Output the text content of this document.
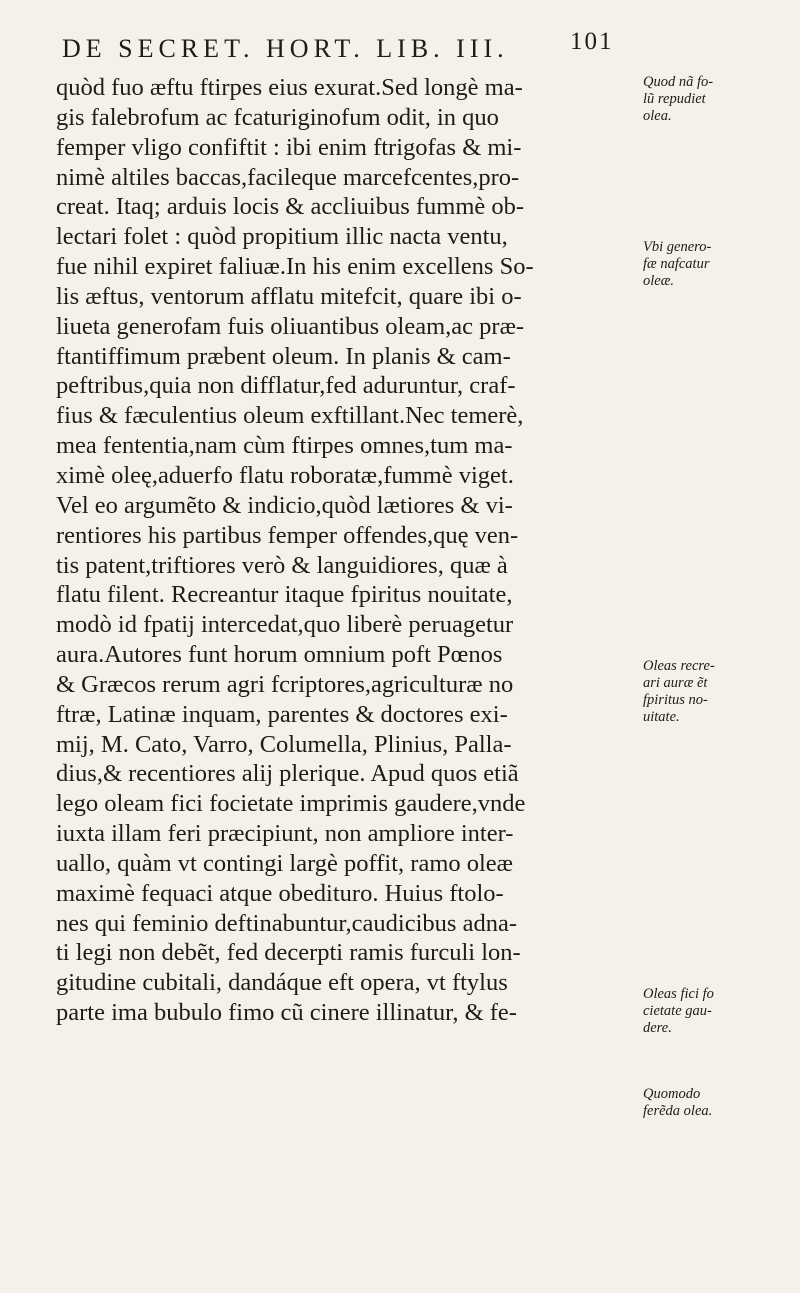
DE SECRET. HORT. LIB. III. 101
quòd fuo æftu ftirpes eius exurat.Sed longè ma-
gis falebrofum ac fcaturiginofum odit, in quo
femper vligo confiftit : ibi enim ftrigofas & mi-
nimè altiles baccas,facileque marcefcentes,pro-
creat. Itaq; arduis locis & accliuibus fummè ob-
lectari folet : quòd propitium illic nacta ventu,
fue nihil expiret faliuæ.In his enim excellens So-
lis æftus, ventorum afflatu mitefcit, quare ibi o-
liueta generofam fuis oliuantibus oleam,ac præ-
ftantiffimum præbent oleum. In planis & cam-
peftribus,quia non difflatur,fed aduruntur, craf-
fius & fæculentius oleum exftillant.Nec temerè,
mea fententia,nam cùm ftirpes omnes,tum ma-
ximè oleę,aduerfo flatu roboratæ,fummè viget.
Vel eo argumẽto & indicio,quòd lætiores & vi-
rentiores his partibus femper offendes,quę ven-
tis patent,triftiores verò & languidiores, quæ à
flatu filent. Recreantur itaque fpiritus nouitate,
modò id fpatij intercedat,quo liberè peruagetur
aura.Autores funt horum omnium poft Pœnos
& Græcos rerum agri fcriptores,agriculturæ no
ftræ, Latinæ inquam, parentes & doctores exi-
mij, M. Cato, Varro, Columella, Plinius, Palla-
dius,& recentiores alij plerique. Apud quos etiã
lego oleam fici focietate imprimis gaudere,vnde
iuxta illam feri præcipiunt, non ampliore inter-
uallo, quàm vt contingi largè poffit, ramo oleæ
maximè fequaci atque obedituro. Huius ftolo-
nes qui feminio deftinabuntur,caudicibus adna-
ti legi non debẽt, fed decerpti ramis furculi lon-
gitudine cubitali, dandáque eft opera, vt ftylus
parte ima bubulo fimo cũ cinere illinatur, & fe-
Quod nã fo-
lũ repudiet
olea.
Vbi genero-
fæ nafcatur
oleæ.
Oleas recre-
ari auræ ẽt
fpiritus no-
uitate.
Oleas fici fo
cietate gau-
dere.
Quomodo
ferẽda olea.
